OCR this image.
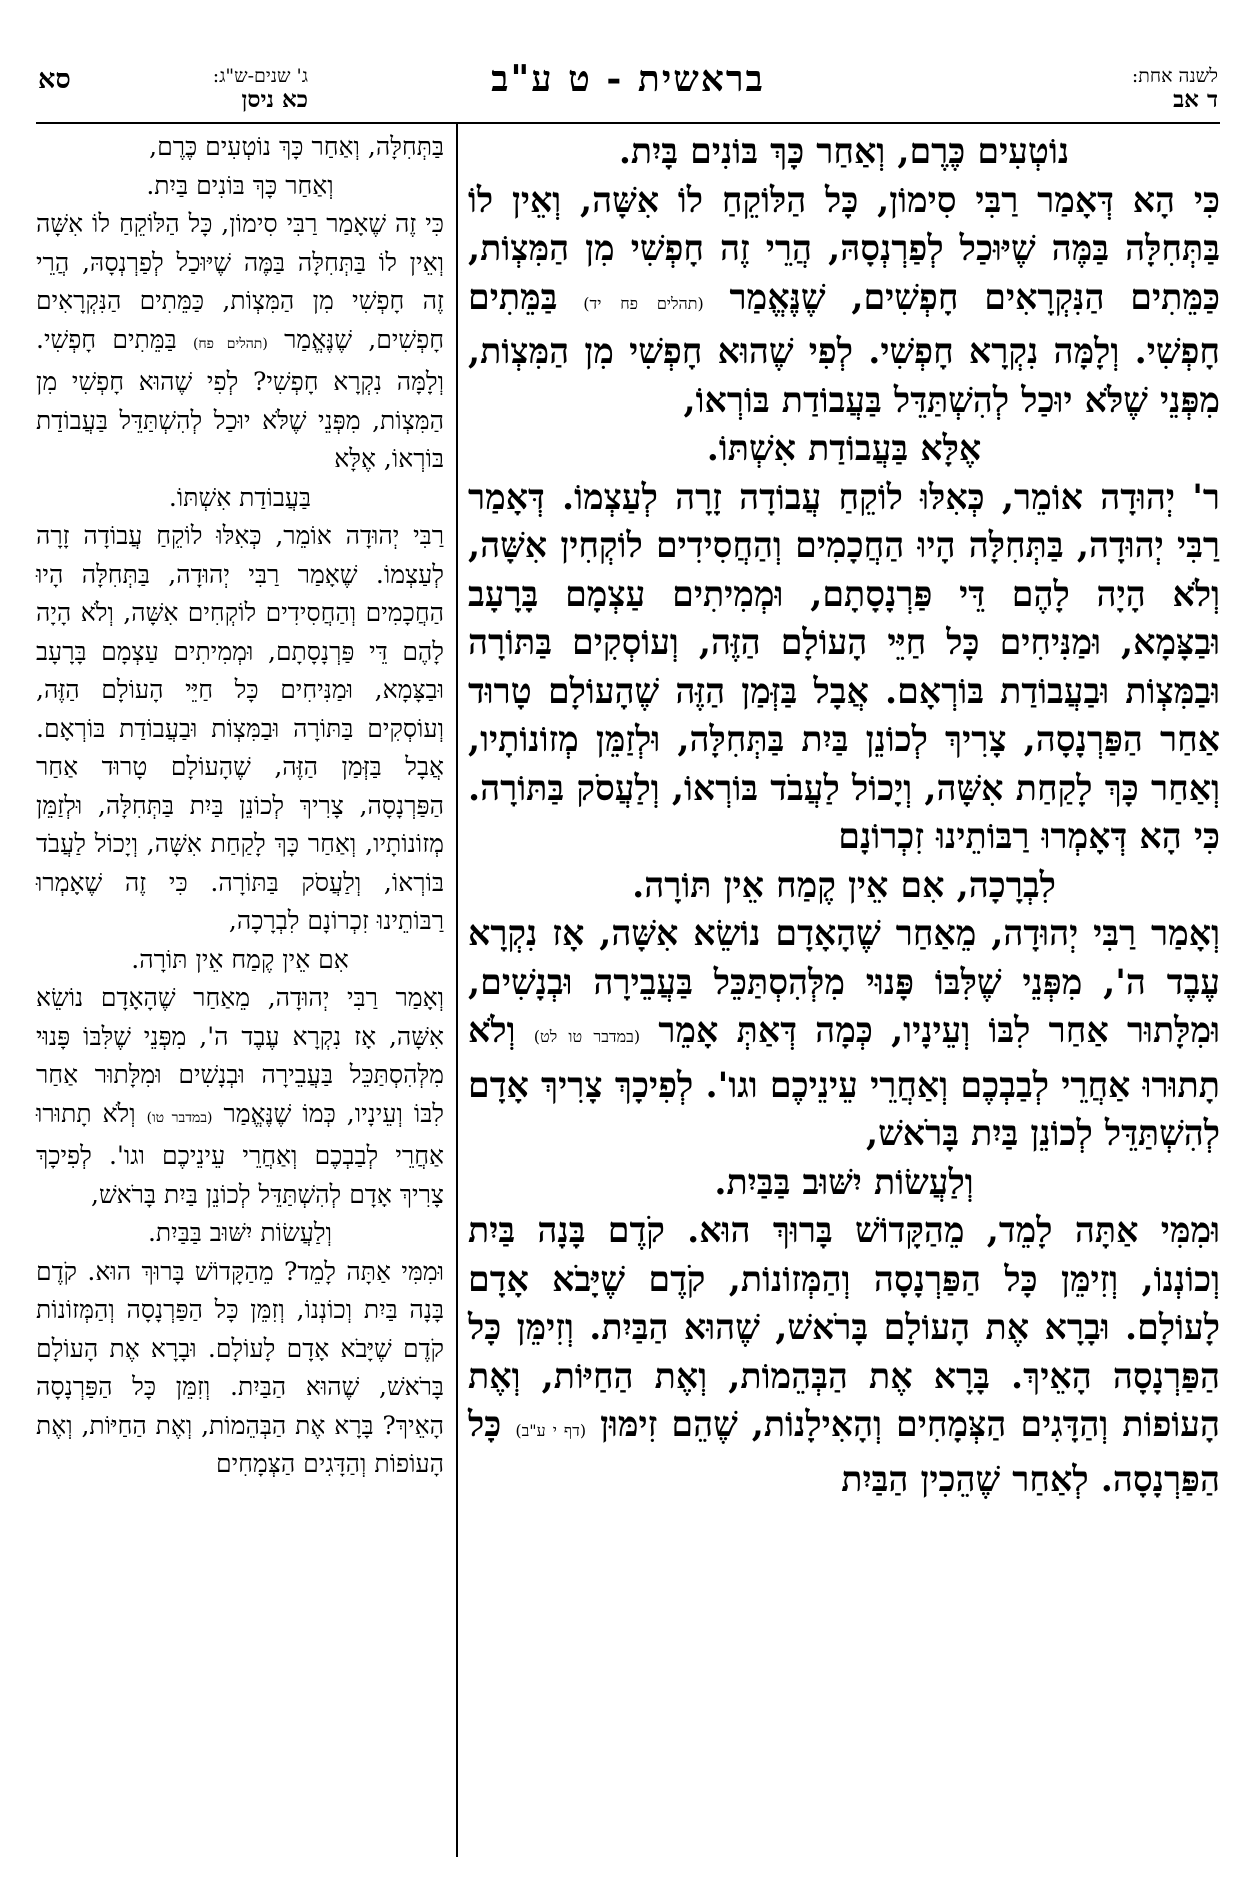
לשנה אחת:
ד אב
בראשית - ט ע"ב
סא	ג' שנים-ש"ג:
כא ניסן

נוֹטְעִים כֶּרֶם, וְאַחַר כָּךְ בּוֹנִים בָּיִת.

כִּי הָא דְּאָמַר רַבִּי סִימוֹן, כָּל הַלּוֹקֵחַ לוֹ אִשָּׁה, וְאֵין לוֹ בַּתְּחִלָּה בַּמֶּה שֶׁיּוּכַל לְפַרְנְסָהּ, הֲרֵי זֶה חָפְשִׁי מִן הַמִּצְוֹת, כַּמֵּתִים הַנִּקְרָאִים חָפְשִׁים, שֶׁנֶּאֱמַר (תהלים פח יד) בַּמֵּתִים חָפְשִׁי. וְלָמָּה נִקְרָא חָפְשִׁי. לְפִי שֶׁהוּא חָפְשִׁי מִן הַמִּצְוֹת, מִפְּנֵי שֶׁלֹּא יוּכַל לְהִשְׁתַּדֵּל בַּעֲבוֹדַת בּוֹרְאוֹ,

אֶלָּא בַּעֲבוֹדַת אִשְׁתּוֹ.

ר' יְהוּדָה אוֹמֵר, כְּאִלּוּ לוֹקֵחַ עֲבוֹדָה זָרָה לְעַצְמוֹ. דְּאָמַר רַבִּי יְהוּדָה, בַּתְּחִלָּה הָיוּ הַחֲכָמִים וְהַחֲסִידִים לוֹקְחִין אִשָּׁה, וְלֹא הָיָה לָהֶם דֵּי פַּרְנָסָתָם, וּמְמִיתִים עַצְמָם בָּרָעָב וּבַצָּמָא, וּמַנִּיחִים כָּל חַיֵּי הָעוֹלָם הַזֶּה, וְעוֹסְקִים בַּתּוֹרָה וּבַמִּצְוֹת וּבַעֲבוֹדַת בּוֹרְאָם. אֲבָל בַּזְּמַן הַזֶּה שֶׁהָעוֹלָם טָרוּד אַחַר הַפַּרְנָסָה, צָרִיךְ לְכוֹנֵן בַּיִת בַּתְּחִלָּה, וּלְזַמֵּן מְזוֹנוֹתָיו, וְאַחַר כָּךְ לָקַחַת אִשָּׁה, וְיָכוֹל לַעֲבֹד בּוֹרְאוֹ, וְלַעֲסֹק בַּתּוֹרָה. כִּי הָא דְּאָמְרוּ רַבּוֹתֵינוּ זִכְרוֹנָם

לִבְרָכָה, אִם אֵין קֶמַח אֵין תּוֹרָה.

וְאָמַר רַבִּי יְהוּדָה, מֵאַחַר שֶׁהָאָדָם נוֹשֵׂא אִשָּׁה, אָז נִקְרָא עֶבֶד ה', מִפְּנֵי שֶׁלִּבּוֹ פָּנוּי מִלְּהִסְתַּכֵּל בַּעֲבֵירָה וּבְנָשִׁים, וּמִלָּתוּר אַחַר לִבּוֹ וְעֵינָיו, כְּמָה דְּאַתְּ אָמֵר (במדבר טו לט) וְלֹא תָתוּרוּ אַחֲרֵי לְבַבְכֶם וְאַחֲרֵי עֵינֵיכֶם וגו'. לְפִיכָךְ צָרִיךְ אָדָם לְהִשְׁתַּדֵּל לְכוֹנֵן בַּיִת בָּרֹאשׁ,

וְלַעֲשׂוֹת יִשּׁוּב בַּבַּיִת.

וּמִמִּי אַתָּה לָמֵד, מֵהַקָּדוֹשׁ בָּרוּךְ הוּא. קֹדֶם בָּנָה בַּיִת וְכוֹנְנוֹ, וְזִימֵּן כָּל הַפַּרְנָסָה וְהַמְּזוֹנוֹת, קֹדֶם שֶׁיָּבֹא אָדָם לָעוֹלָם. וּבָרָא אֶת הָעוֹלָם בָּרֹאשׁ, שֶׁהוּא הַבַּיִת. וְזִימֵּן כָּל הַפַּרְנָסָה הָאֵיךְ. בָּרָא אֶת הַבְּהֵמוֹת, וְאֶת הַחַיּוֹת, וְאֶת הָעוֹפוֹת וְהַדָּגִים הַצְּמָחִים וְהָאִילָנוֹת, שֶׁהֵם זִימּוּן (דף י ע"ב) כָּל הַפַּרְנָסָה. לְאַחַר שֶׁהֵכִין הַבַּיִת

בַּתְּחִלָּה, וְאַחַר כָּךְ נוֹטְעִים כֶּרֶם,

וְאַחַר כָּךְ בּוֹנִים בַּיִת.

כִּי זֶה שֶׁאָמַר רַבִּי סִימוֹן, כָּל הַלּוֹקֵחַ לוֹ אִשָּׁה וְאֵין לוֹ בַּתְּחִלָּה בַּמֶּה שֶׁיּוּכַל לְפַרְנְסָהּ, הֲרֵי זֶה חָפְשִׁי מִן הַמִּצְוֹת, כַּמֵּתִים הַנִּקְרָאִים חָפְשִׁים, שֶׁנֶּאֱמַר (תהלים פח) בַּמֵּתִים חָפְשִׁי. וְלָמָּה נִקְרָא חָפְשִׁי? לְפִי שֶׁהוּא חָפְשִׁי מִן הַמִּצְוֹת, מִפְּנֵי שֶׁלֹּא יוּכַל לְהִשְׁתַּדֵּל בַּעֲבוֹדַת בּוֹרְאוֹ, אֶלָּא

בַּעֲבוֹדַת אִשְׁתּוֹ.

רַבִּי יְהוּדָה אוֹמֵר, כְּאִלּוּ לוֹקֵחַ עֲבוֹדָה זָרָה לְעַצְמוֹ. שֶׁאָמַר רַבִּי יְהוּדָה, בַּתְּחִלָּה הָיוּ הַחֲכָמִים וְהַחֲסִידִים לוֹקְחִים אִשָּׁה, וְלֹא הָיָה לָהֶם דֵּי פַּרְנָסָתָם, וּמְמִיתִים עַצְמָם בָּרָעָב וּבַצָּמָא, וּמַנִּיחִים כָּל חַיֵּי הָעוֹלָם הַזֶּה, וְעוֹסְקִים בַּתּוֹרָה וּבַמִּצְוֹת וּבַעֲבוֹדַת בּוֹרְאָם. אֲבָל בַּזְּמַן הַזֶּה, שֶׁהָעוֹלָם טָרוּד אַחַר הַפַּרְנָסָה, צָרִיךְ לְכוֹנֵן בַּיִת בַּתְּחִלָּה, וּלְזַמֵּן מְזוֹנוֹתָיו, וְאַחַר כָּךְ לָקַחַת אִשָּׁה, וְיָכוֹל לַעֲבֹד בּוֹרְאוֹ, וְלַעֲסֹק בַּתּוֹרָה. כִּי זֶה שֶׁאָמְרוּ רַבּוֹתֵינוּ זִכְרוֹנָם לִבְרָכָה,

אִם אֵין קֶמַח אֵין תּוֹרָה.

וְאָמַר רַבִּי יְהוּדָה, מֵאַחַר שֶׁהָאָדָם נוֹשֵׂא אִשָּׁה, אָז נִקְרָא עֶבֶד ה', מִפְּנֵי שֶׁלִּבּוֹ פָּנוּי מִלְּהִסְתַּכֵּל בַּעֲבֵירָה וּבְנָשִׁים וּמִלָּתוּר אַחַר לִבּוֹ וְעֵינָיו, כְּמוֹ שֶׁנֶּאֱמַר (במדבר טו) וְלֹא תָתוּרוּ אַחֲרֵי לְבַבְכֶם וְאַחֲרֵי עֵינֵיכֶם וגו'. לְפִיכָךְ צָרִיךְ אָדָם לְהִשְׁתַּדֵּל לְכוֹנֵן בַּיִת בָּרֹאשׁ,

וְלַעֲשׂוֹת יִשּׁוּב בַּבַּיִת.

וּמִמִּי אַתָּה לָמֵד? מֵהַקָּדוֹשׁ בָּרוּךְ הוּא. קֹדֶם בָּנָה בַּיִת וְכוֹנְנוֹ, וְזִמֵּן כָּל הַפַּרְנָסָה וְהַמְּזוֹנוֹת קֹדֶם שֶׁיָּבֹא אָדָם לָעוֹלָם. וּבָרָא אֶת הָעוֹלָם בָּרֹאשׁ, שֶׁהוּא הַבַּיִת. וְזִמֵּן כָּל הַפַּרְנָסָה הָאֵיךְ? בָּרָא אֶת הַבְּהֵמוֹת, וְאֶת הַחַיּוֹת, וְאֶת הָעוֹפוֹת וְהַדָּגִים הַצְּמָחִים
